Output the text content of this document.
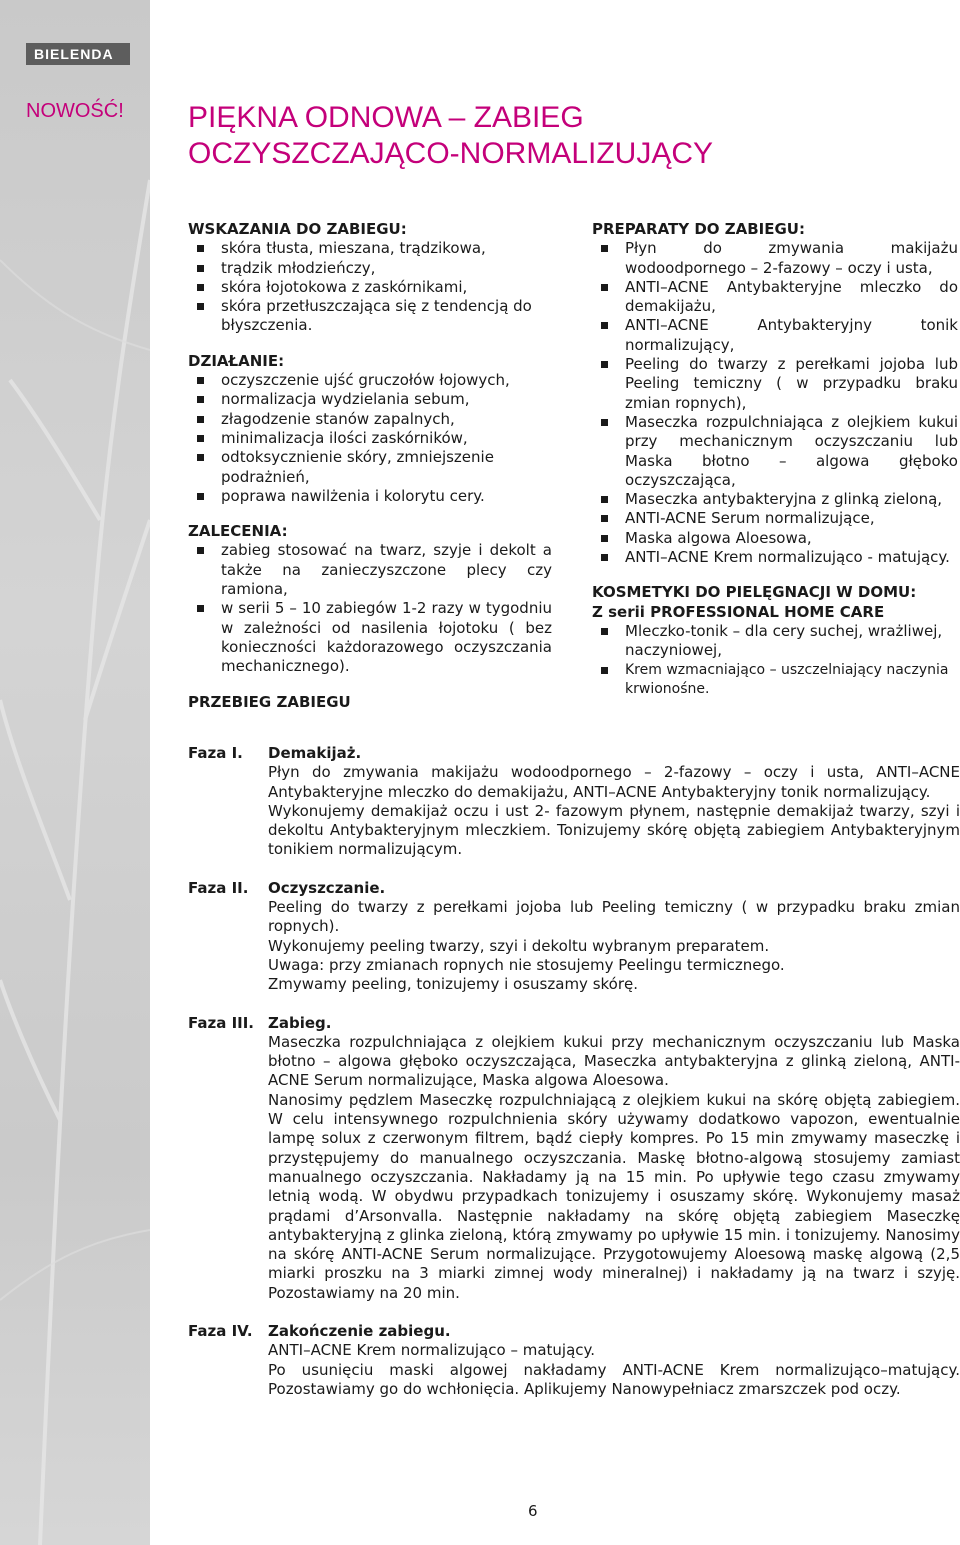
BIELENDA
NOWOŚĆ! PIĘKNA ODNOWA – ZABIEG
OCZYSZCZAJĄCO-NORMALIZUJĄCY

WSKAZANIA DO ZABIEGU:

skóra tłusta, mieszana, trądzikowa,
trądzik młodzieńczy,
skóra łojotokowa z zaskórnikami,
skóra przetłuszczająca się z tendencją do błyszczenia.

DZIAŁANIE:

oczyszczenie ujść gruczołów łojowych,
normalizacja wydzielania sebum,
złagodzenie stanów zapalnych,
minimalizacja ilości zaskórników,
odtoksycznienie skóry, zmniejszenie podrażnień,
poprawa nawilżenia i kolorytu cery.

ZALECENIA:

zabieg stosować na twarz, szyje i dekolt a także na zanieczyszczone plecy czy ramiona,
w serii 5 – 10 zabiegów 1-2 razy w tygodniu w zależności od nasilenia łojotoku ( bez konieczności każdorazowego oczyszczania mechanicznego).

PRZEBIEG ZABIEGU

PREPARATY DO ZABIEGU:

Płyn do zmywania makijażu wodoodpornego – 2-fazowy – oczy i usta,
ANTI–ACNE Antybakteryjne mleczko do demakijażu,
ANTI–ACNE Antybakteryjny tonik normalizujący,
Peeling do twarzy z perełkami jojoba lub Peeling temiczny ( w przypadku braku zmian ropnych),
Maseczka rozpulchniająca z olejkiem kukui przy mechanicznym oczyszczaniu lub Maska błotno – algowa głęboko oczyszczająca,
Maseczka antybakteryjna z glinką zieloną,
ANTI-ACNE Serum normalizujące,
Maska algowa Aloesowa,
ANTI–ACNE Krem normalizująco - matujący.

KOSMETYKI DO PIELĘGNACJI W DOMU:

Z serii PROFESSIONAL HOME CARE

Mleczko-tonik – dla cery suchej, wrażliwej, naczyniowej,
Krem wzmacniająco – uszczelniający naczynia krwionośne.
Faza I.	Demakijaż.

Płyn do zmywania makijażu wodoodpornego – 2-fazowy – oczy i usta, ANTI–ACNE Antybakteryjne mleczko do demakijażu, ANTI–ACNE Antybakteryjny tonik normalizujący.

Wykonujemy demakijaż oczu i ust 2- fazowym płynem, następnie demakijaż twarzy, szyi i dekoltu Antybakteryjnym mleczkiem. Tonizujemy skórę objętą zabiegiem Antybakteryjnym tonikiem normalizującym.

Faza II.	Oczyszczanie.

Peeling do twarzy z perełkami jojoba lub Peeling temiczny ( w przypadku braku zmian ropnych).

Wykonujemy peeling twarzy, szyi i dekoltu wybranym preparatem.

Uwaga: przy zmianach ropnych nie stosujemy Peelingu termicznego.

Zmywamy peeling, tonizujemy i osuszamy skórę.

Faza III. Zabieg.

Maseczka rozpulchniająca z olejkiem kukui przy mechanicznym oczyszczaniu lub Maska błotno – algowa głęboko oczyszczająca, Maseczka antybakteryjna z glinką zieloną, ANTI-ACNE Serum normalizujące, Maska algowa Aloesowa.

Nanosimy pędzlem Maseczkę rozpulchniającą z olejkiem kukui na skórę objętą zabiegiem. W celu intensywnego rozpulchnienia skóry używamy dodatkowo vapozon, ewentualnie lampę solux z czerwonym filtrem, bądź ciepły kompres. Po 15 min zmywamy maseczkę i przystępujemy do manualnego oczyszczania. Maskę błotno-algową stosujemy zamiast manualnego oczyszczania. Nakładamy ją na 15 min. Po upływie tego czasu zmywamy letnią wodą. W obydwu przypadkach tonizujemy i osuszamy skórę. Wykonujemy masaż prądami d’Arsonvalla. Następnie nakładamy na skórę objętą zabiegiem Maseczkę antybakteryjną z glinka zieloną, którą zmywamy po upływie 15 min. i tonizujemy. Nanosimy na skórę ANTI-ACNE Serum normalizujące. Przygotowujemy Aloesową maskę algową (2,5 miarki proszku na 3 miarki zimnej wody mineralnej) i nakładamy ją na twarz i szyję. Pozostawiamy na 20 min.

Faza IV.	Zakończenie zabiegu.

ANTI–ACNE Krem normalizująco – matujący.

Po usunięciu maski algowej nakładamy ANTI-ACNE Krem normalizująco–matujący. Pozostawiamy go do wchłonięcia. Aplikujemy Nanowypełniacz zmarszczek pod oczy.

6
